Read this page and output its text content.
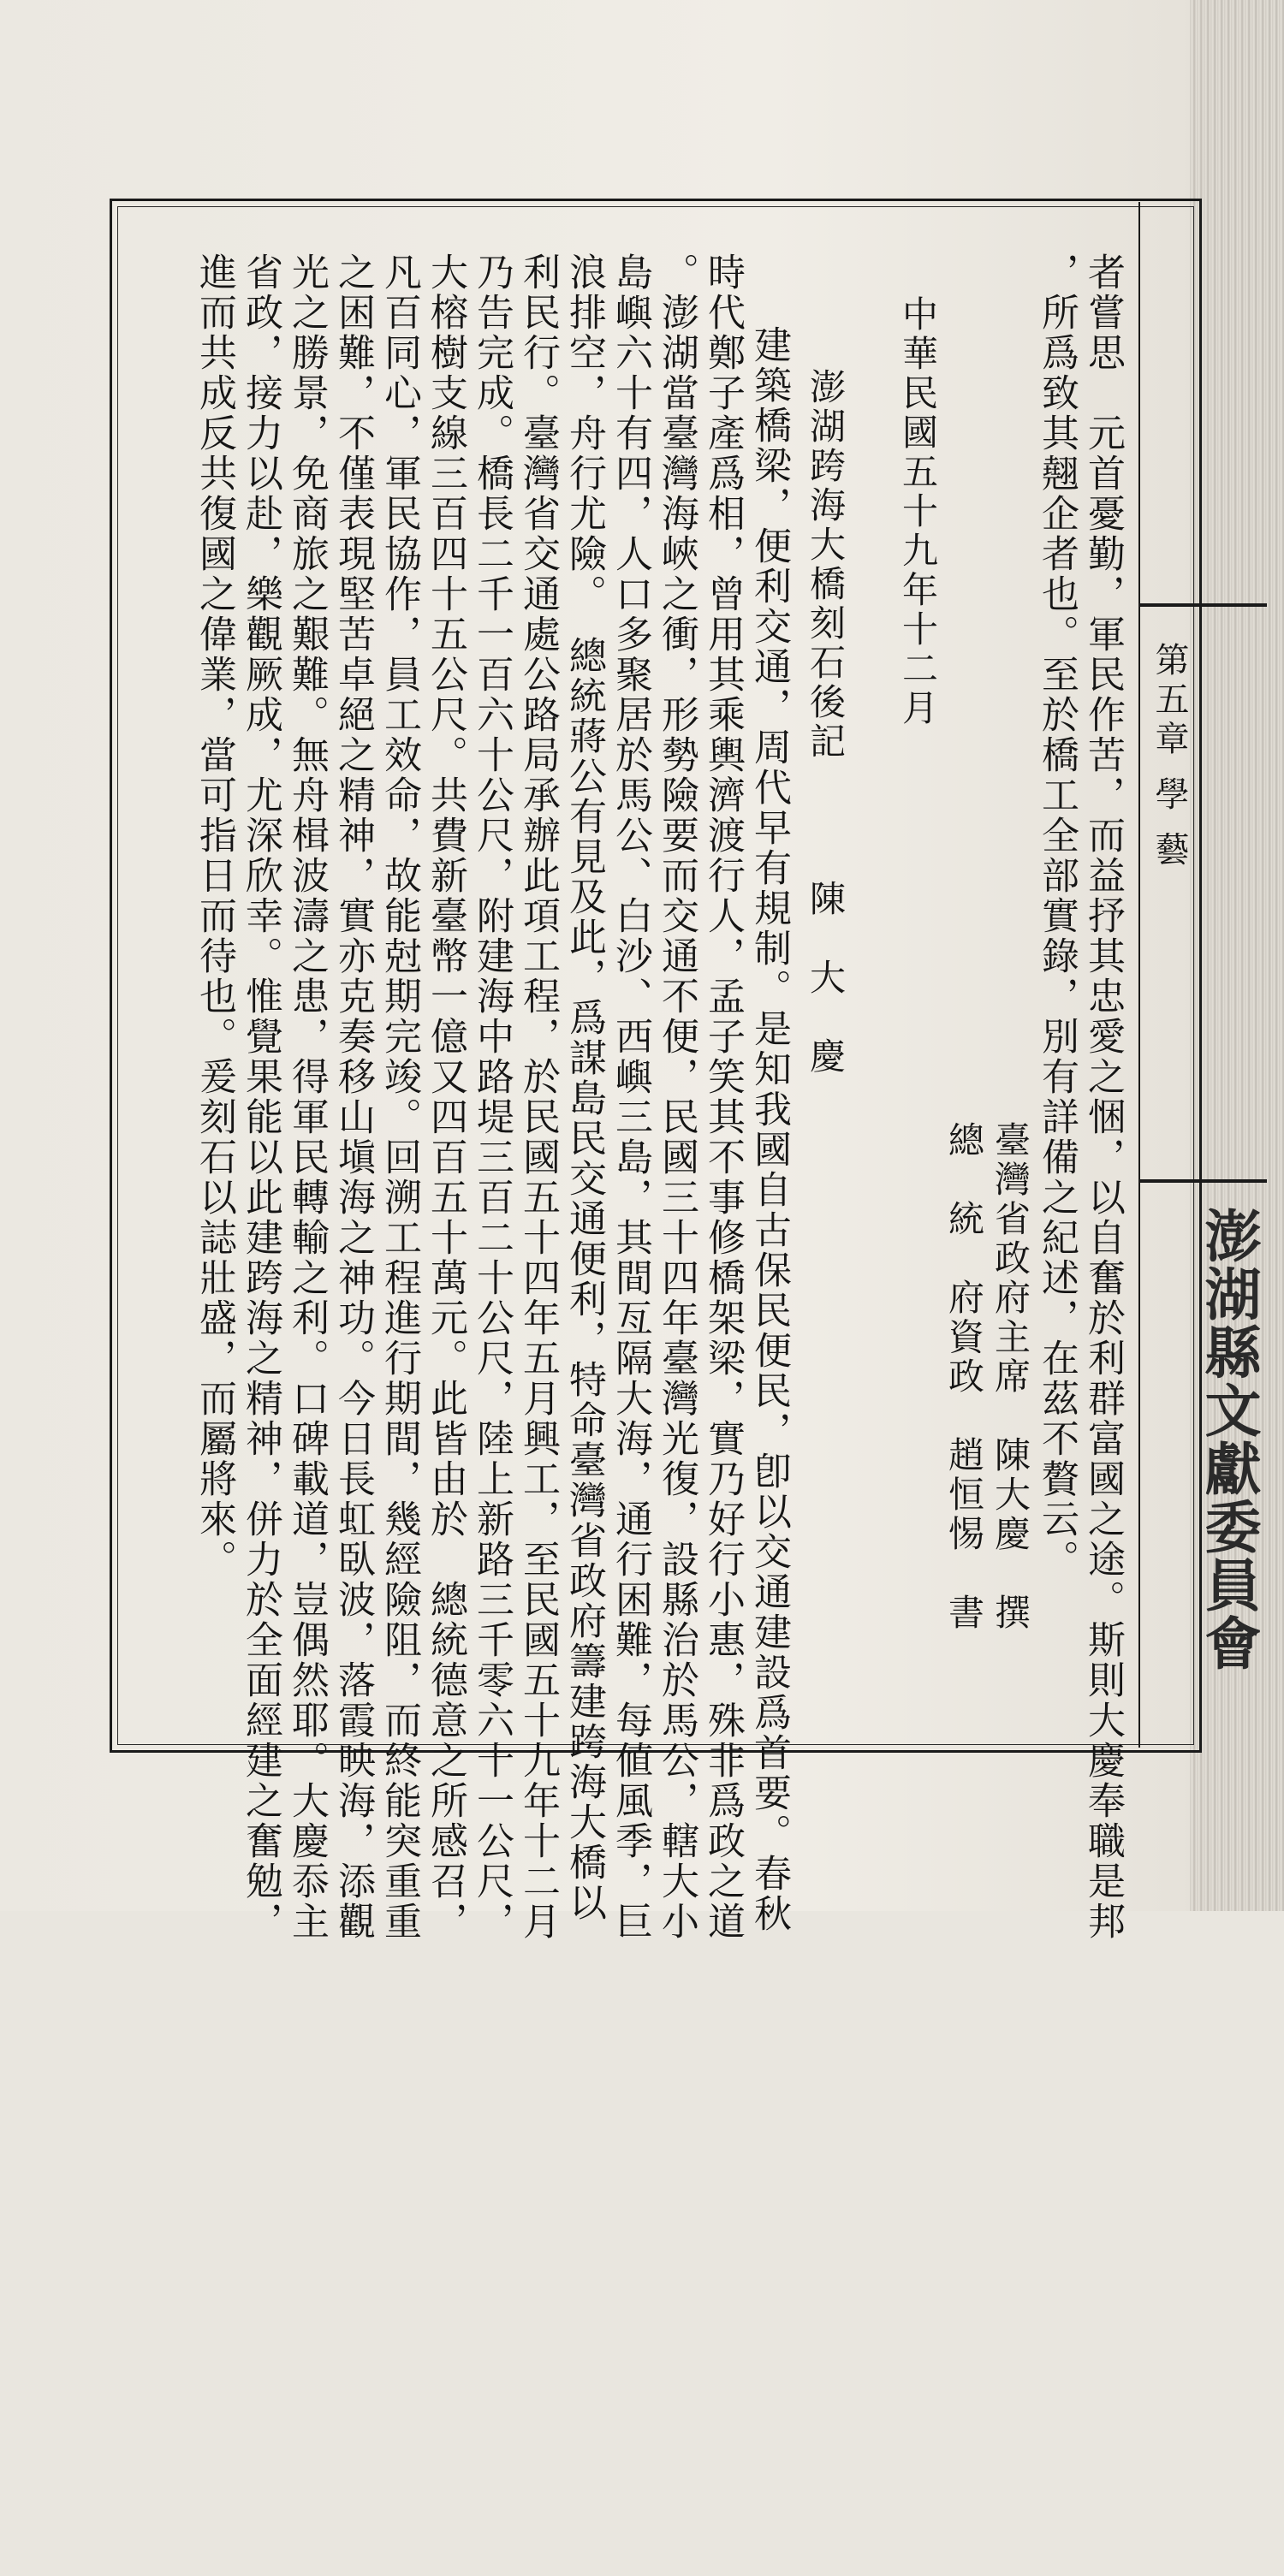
第五章 學 藝
澎湖縣文獻委員會
者嘗思　元首憂勤，軍民作苦，而益抒其忠愛之悃，以自奮於利群富國之途。斯則大慶奉職是邦
，所爲致其翹企者也。至於橋工全部實錄，別有詳備之紀述，在茲不贅云。
臺灣省政府主席　陳大慶　撰
總　統　府資政　趙恒惕　書
中華民國五十九年十二月
澎湖跨海大橋刻石後記　　　陳　大　慶
建築橋梁，便利交通，周代早有規制。是知我國自古保民便民，卽以交通建設爲首要。春秋
時代鄭子產爲相，曾用其乘輿濟渡行人，孟子笑其不事修橋架梁，實乃好行小惠，殊非爲政之道
。澎湖當臺灣海峽之衝，形勢險要而交通不便，民國三十四年臺灣光復，設縣治於馬公，轄大小
島嶼六十有四，人口多聚居於馬公、白沙、西嶼三島，其間亙隔大海，通行困難，每値風季，巨
浪排空，舟行尤險。　總統蔣公有見及此，爲謀島民交通便利，特命臺灣省政府籌建跨海大橋以
利民行。臺灣省交通處公路局承辦此項工程，於民國五十四年五月興工，至民國五十九年十二月
乃告完成。橋長二千一百六十公尺，附建海中路堤三百二十公尺，陸上新路三千零六十一公尺，
大榕樹支線三百四十五公尺。共費新臺幣一億又四百五十萬元。此皆由於　總統德意之所感召，
凡百同心，軍民協作，員工效命，故能尅期完竣。回溯工程進行期間，幾經險阻，而終能突重重
之困難，不僅表現堅苦卓絕之精神，實亦克奏移山塡海之神功。今日長虹臥波，落霞映海，添觀
光之勝景，免商旅之艱難。無舟楫波濤之患，得軍民轉輸之利。口碑載道，豈偶然耶。大慶忝主
省政，接力以赴，樂觀厥成，尤深欣幸。惟覺果能以此建跨海之精神，併力於全面經建之奮勉，
進而共成反共復國之偉業，當可指日而待也。爰刻石以誌壯盛，而屬將來。
